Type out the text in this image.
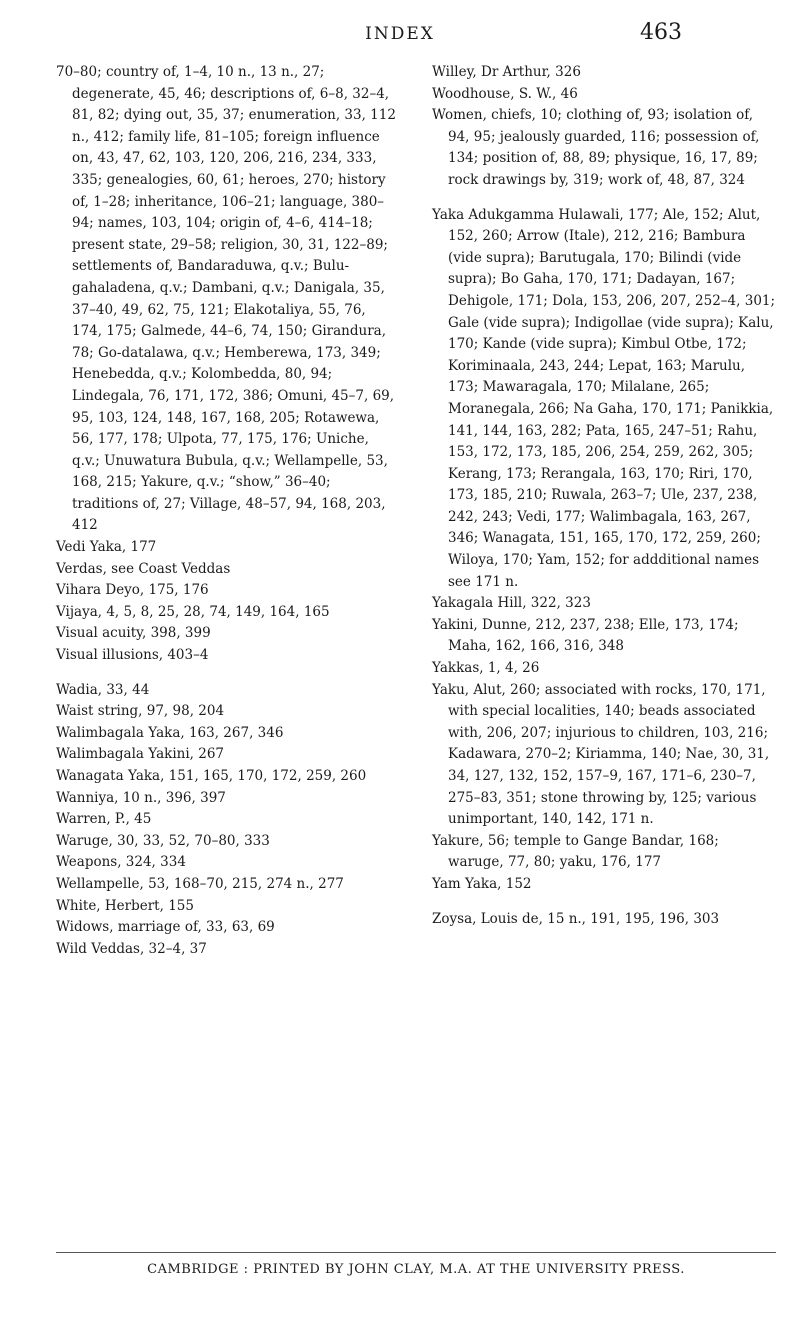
INDEX	463

70–80; country of, 1–4, 10 n., 13 n., 27; degenerate, 45, 46; descriptions of, 6–8, 32–4, 81, 82; dying out, 35, 37; enumeration, 33, 112 n., 412; family life, 81–105; foreign influence on, 43, 47, 62, 103, 120, 206, 216, 234, 333, 335; genealogies, 60, 61; heroes, 270; history of, 1–28; inheritance, 106–21; language, 380–94; names, 103, 104; origin of, 4–6, 414–18; present state, 29–58; religion, 30, 31, 122–89; settlements of, Bandaraduwa, q.v.; Bulu-gahaladena, q.v.; Dambani, q.v.; Danigala, 35, 37–40, 49, 62, 75, 121; Elakotaliya, 55, 76, 174, 175; Galmede, 44–6, 74, 150; Girandura, 78; Go-datalawa, q.v.; Hemberewa, 173, 349; Henebedda, q.v.; Kolombedda, 80, 94; Lindegala, 76, 171, 172, 386; Omuni, 45–7, 69, 95, 103, 124, 148, 167, 168, 205; Rotawewa, 56, 177, 178; Ulpota, 77, 175, 176; Uniche, q.v.; Unuwatura Bubula, q.v.; Wellampelle, 53, 168, 215; Yakure, q.v.; “show,” 36–40; traditions of, 27; Village, 48–57, 94, 168, 203, 412

Vedi Yaka, 177

Verdas, see Coast Veddas

Vihara Deyo, 175, 176

Vijaya, 4, 5, 8, 25, 28, 74, 149, 164, 165

Visual acuity, 398, 399

Visual illusions, 403–4

Wadia, 33, 44

Waist string, 97, 98, 204

Walimbagala Yaka, 163, 267, 346

Walimbagala Yakini, 267

Wanagata Yaka, 151, 165, 170, 172, 259, 260

Wanniya, 10 n., 396, 397

Warren, P., 45

Waruge, 30, 33, 52, 70–80, 333

Weapons, 324, 334

Wellampelle, 53, 168–70, 215, 274 n., 277

White, Herbert, 155

Widows, marriage of, 33, 63, 69

Wild Veddas, 32–4, 37

Willey, Dr Arthur, 326

Woodhouse, S. W., 46

Women, chiefs, 10; clothing of, 93; isolation of, 94, 95; jealously guarded, 116; possession of, 134; position of, 88, 89; physique, 16, 17, 89; rock drawings by, 319; work of, 48, 87, 324

Yaka Adukgamma Hulawali, 177; Ale, 152; Alut, 152, 260; Arrow (Itale), 212, 216; Bambura (vide supra); Barutugala, 170; Bilindi (vide supra); Bo Gaha, 170, 171; Dadayan, 167; Dehigole, 171; Dola, 153, 206, 207, 252–4, 301; Gale (vide supra); Indigollae (vide supra); Kalu, 170; Kande (vide supra); Kimbul Otbe, 172; Koriminaala, 243, 244; Lepat, 163; Marulu, 173; Mawaragala, 170; Milalane, 265; Moranegala, 266; Na Gaha, 170, 171; Panikkia, 141, 144, 163, 282; Pata, 165, 247–51; Rahu, 153, 172, 173, 185, 206, 254, 259, 262, 305; Kerang, 173; Rerangala, 163, 170; Riri, 170, 173, 185, 210; Ruwala, 263–7; Ule, 237, 238, 242, 243; Vedi, 177; Walimbagala, 163, 267, 346; Wanagata, 151, 165, 170, 172, 259, 260; Wiloya, 170; Yam, 152; for addditional names see 171 n.

Yakagala Hill, 322, 323

Yakini, Dunne, 212, 237, 238; Elle, 173, 174; Maha, 162, 166, 316, 348

Yakkas, 1, 4, 26

Yaku, Alut, 260; associated with rocks, 170, 171, with special localities, 140; beads associated with, 206, 207; injurious to children, 103, 216; Kadawara, 270–2; Kiriamma, 140; Nae, 30, 31, 34, 127, 132, 152, 157–9, 167, 171–6, 230–7, 275–83, 351; stone throwing by, 125; various unimportant, 140, 142, 171 n.

Yakure, 56; temple to Gange Bandar, 168; waruge, 77, 80; yaku, 176, 177

Yam Yaka, 152

Zoysa, Louis de, 15 n., 191, 195, 196, 303

CAMBRIDGE : PRINTED BY JOHN CLAY, M.A. AT THE UNIVERSITY PRESS.
